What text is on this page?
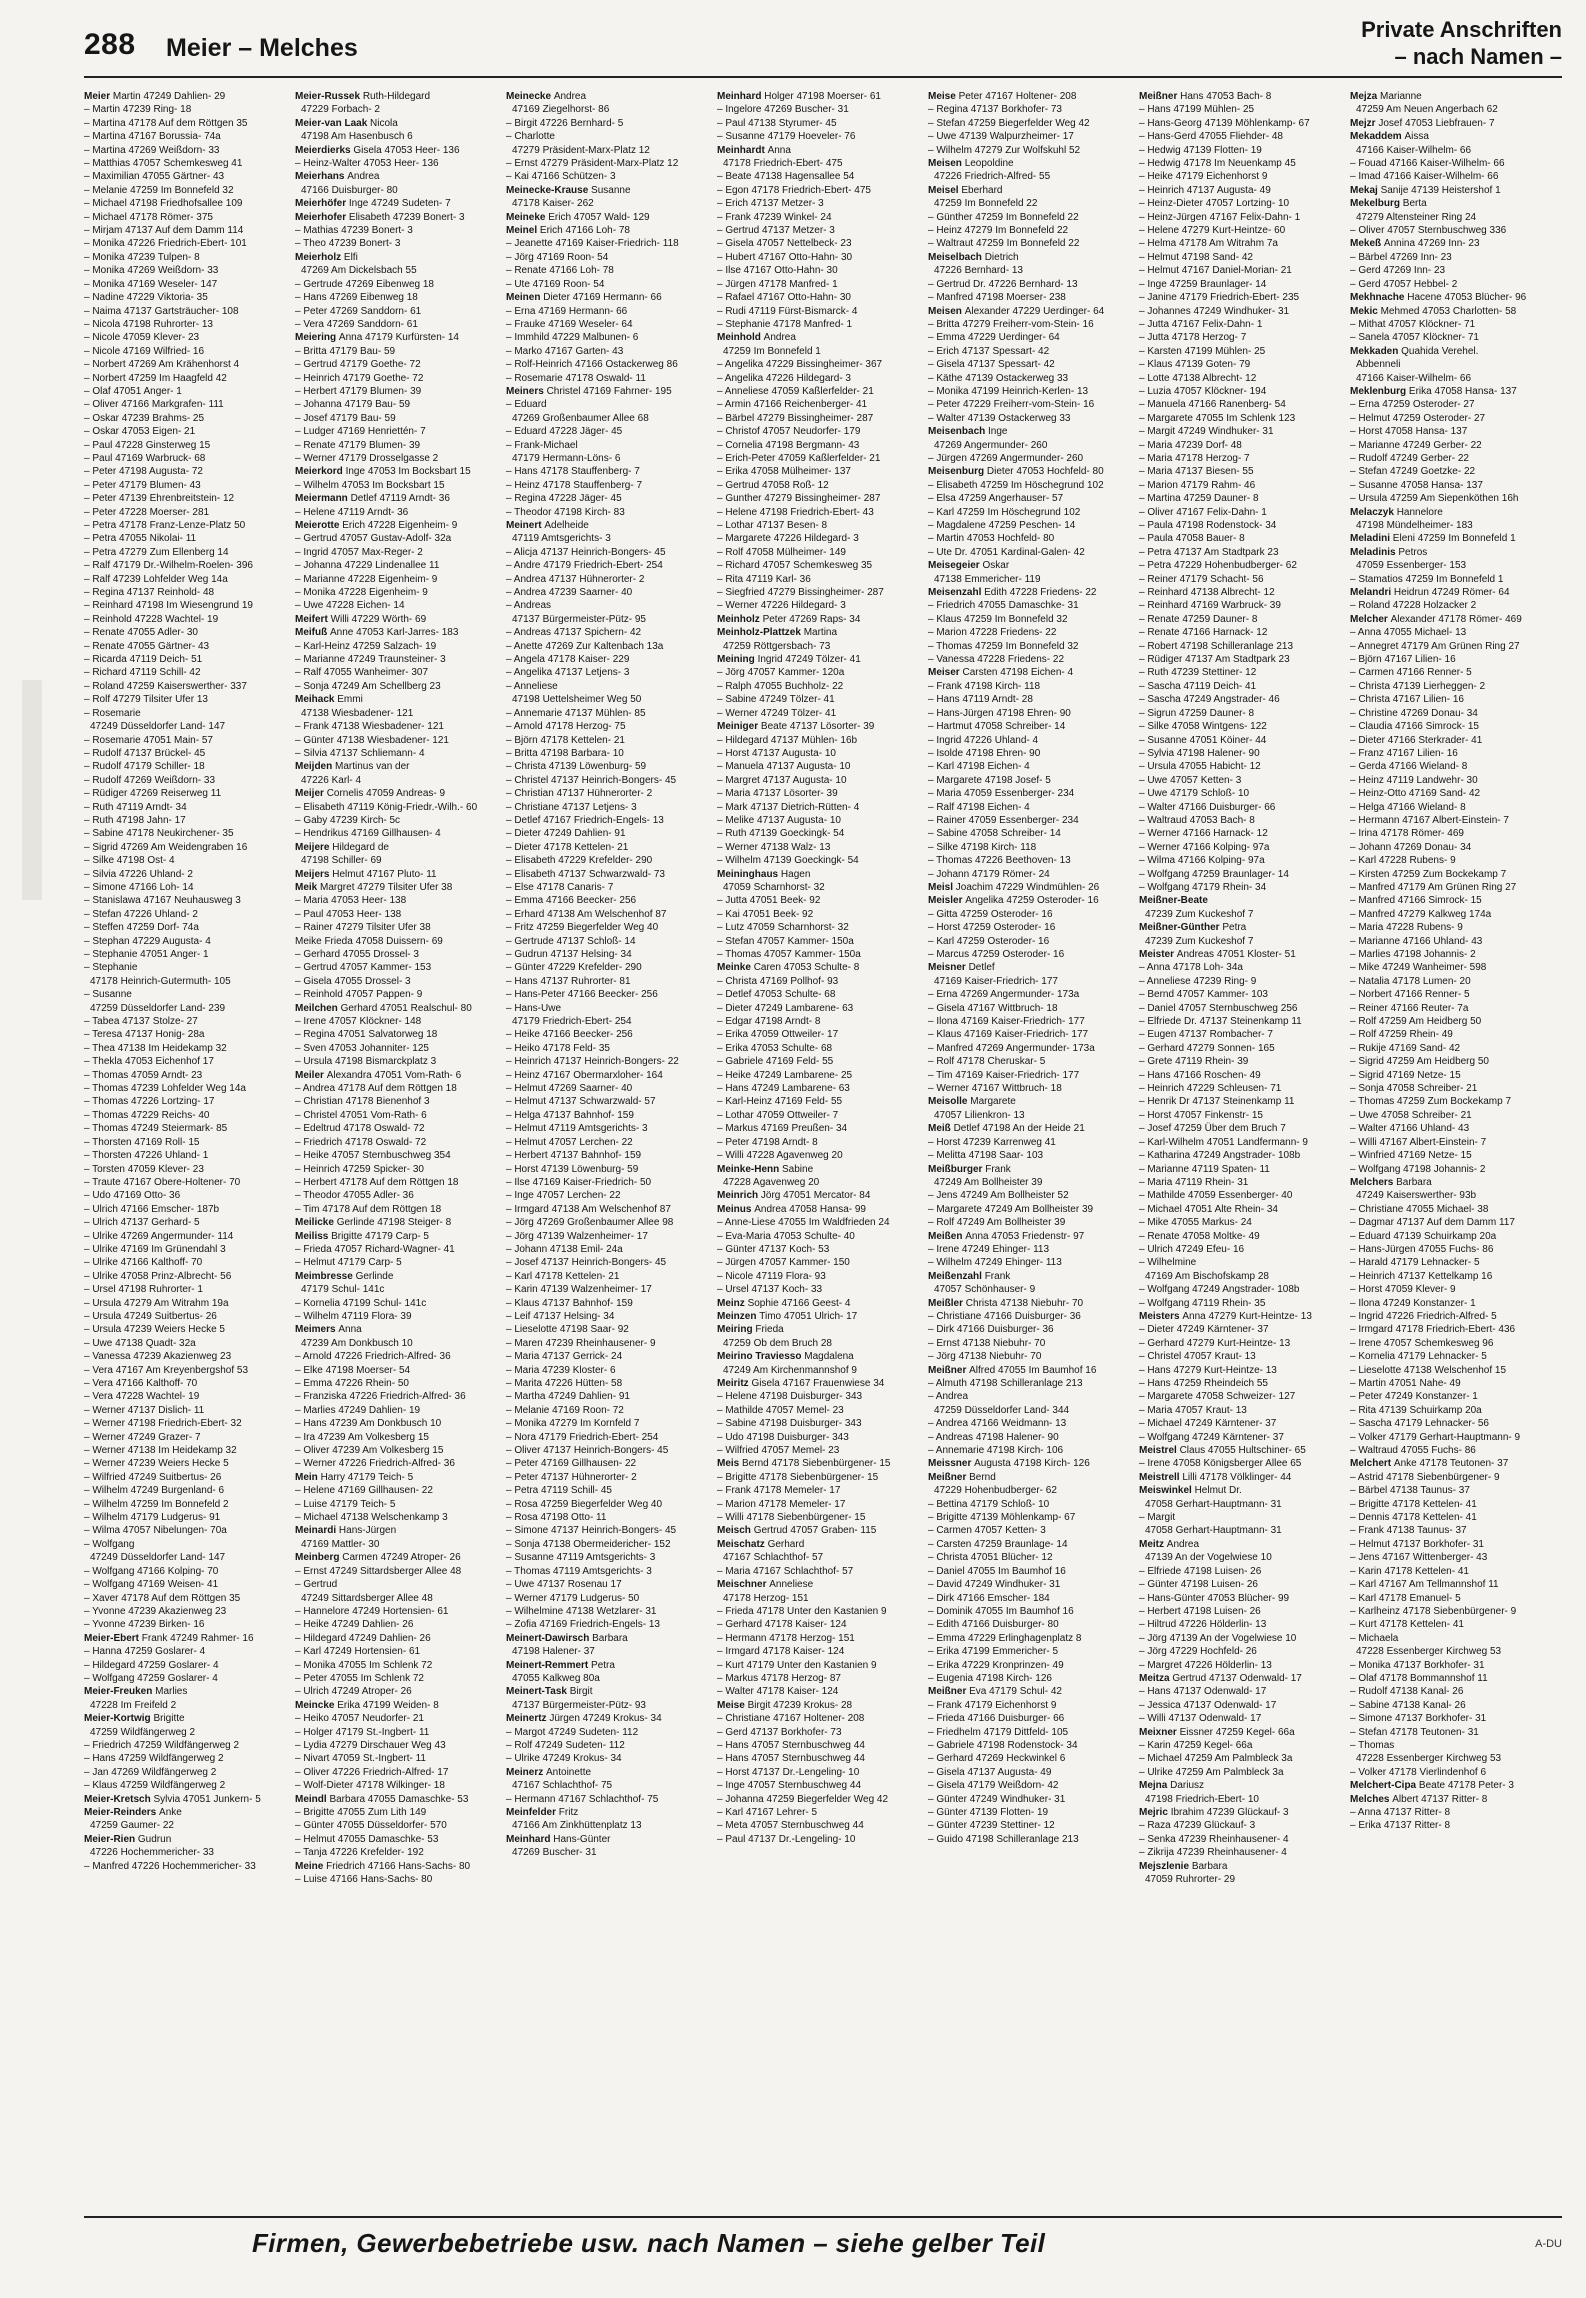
288 Meier – Melches
Private Anschriften
– nach Namen –
Meier Martin 47249 Dahlien- 29
– Martin 47239 Ring- 18
– Martina 47178 Auf dem Röttgen 35
– Martina 47167 Borussia- 74a
– Martina 47269 Weißdorn- 33
– Matthias 47057 Schemkesweg 41
– Maximilian 47055 Gärtner- 43
– Melanie 47259 Im Bonnefeld 32
– Michael 47198 Friedhofsallee 109
– Michael 47178 Römer- 375
– Mirjam 47137 Auf dem Damm 114
– Monika 47226 Friedrich-Ebert- 101
– Monika 47239 Tulpen- 8
– Monika 47269 Weißdorn- 33
– Monika 47169 Weseler- 147
– Nadine 47229 Viktoria- 35
– Naima 47137 Gartsträucher- 108
– Nicola 47198 Ruhrorter- 13
– Nicole 47059 Klever- 23
– Nicole 47169 Wilfried- 16
– Norbert 47269 Am Krähenhorst 4
– Norbert 47259 Im Haagfeld 42
– Olaf 47051 Anger- 1
– Oliver 47166 Markgrafen- 111
– Oskar 47239 Brahms- 25
– Oskar 47053 Eigen- 21
– Paul 47228 Ginsterweg 15
– Paul 47169 Warbruck- 68
– Peter 47198 Augusta- 72
– Peter 47179 Blumen- 43
– Peter 47139 Ehrenbreitstein- 12
– Peter 47228 Moerser- 281
– Petra 47178 Franz-Lenze-Platz 50
– Petra 47055 Nikolai- 11
– Petra 47279 Zum Ellenberg 14
– Ralf 47179 Dr.-Wilhelm-Roelen- 396
– Ralf 47239 Lohfelder Weg 14a
– Regina 47137 Reinhold- 48
– Reinhard 47198 Im Wiesengrund 19
– Reinhold 47228 Wachtel- 19
– Renate 47055 Adler- 30
– Renate 47055 Gärtner- 43
– Ricarda 47119 Deich- 51
– Richard 47119 Schill- 42
– Roland 47259 Kaiserswerther- 337
– Rolf 47279 Tilsiter Ufer 13
– Rosemarie
47249 Düsseldorfer Land- 147
– Rosemarie 47051 Main- 57
– Rudolf 47137 Brückel- 45
– Rudolf 47179 Schiller- 18
– Rudolf 47269 Weißdorn- 33
– Rüdiger 47269 Reiserweg 11
– Ruth 47119 Arndt- 34
– Ruth 47198 Jahn- 17
– Sabine 47178 Neukirchener- 35
– Sigrid 47269 Am Weidengraben 16
– Silke 47198 Ost- 4
– Silvia 47226 Uhland- 2
– Simone 47166 Loh- 14
– Stanislawa 47167 Neuhausweg 3
– Stefan 47226 Uhland- 2
– Steffen 47259 Dorf- 74a
– Stephan 47229 Augusta- 4
– Stephanie 47051 Anger- 1
– Stephanie
47178 Heinrich-Gutermuth- 105
– Susanne
47259 Düsseldorfer Land- 239
– Tabea 47137 Stolze- 27
– Teresa 47137 Honig- 28a
– Thea 47138 Im Heidekamp 32
– Thekla 47053 Eichenhof 17
– Thomas 47059 Arndt- 23
– Thomas 47239 Lohfelder Weg 14a
– Thomas 47226 Lortzing- 17
– Thomas 47229 Reichs- 40
– Thomas 47249 Steiermark- 85
– Thorsten 47169 Roll- 15
– Thorsten 47226 Uhland- 1
– Torsten 47059 Klever- 23
– Traute 47167 Obere-Holtener- 70
– Udo 47169 Otto- 36
– Ulrich 47166 Emscher- 187b
– Ulrich 47137 Gerhard- 5
– Ulrike 47269 Angermunder- 114
– Ulrike 47169 Im Grünendahl 3
– Ulrike 47166 Kalthoff- 70
– Ulrike 47058 Prinz-Albrecht- 56
– Ursel 47198 Ruhrorter- 1
– Ursula 47279 Am Witrahm 19a
– Ursula 47249 Suitbertus- 26
– Ursula 47239 Weiers Hecke 5
– Uwe 47138 Quadt- 32a
– Vanessa 47239 Akazienweg 23
– Vera 47167 Am Kreyenbergshof 53
– Vera 47166 Kalthoff- 70
– Vera 47228 Wachtel- 19
– Werner 47137 Dislich- 11
– Werner 47198 Friedrich-Ebert- 32
– Werner 47249 Grazer- 7
– Werner 47138 Im Heidekamp 32
– Werner 47239 Weiers Hecke 5
– Wilfried 47249 Suitbertus- 26
– Wilhelm 47249 Burgenland- 6
– Wilhelm 47259 Im Bonnefeld 2
– Wilhelm 47179 Ludgerus- 91
– Wilma 47057 Nibelungen- 70a
– Wolfgang
47249 Düsseldorfer Land- 147
– Wolfgang 47166 Kolping- 70
– Wolfgang 47169 Weisen- 41
– Xaver 47178 Auf dem Röttgen 35
– Yvonne 47239 Akazienweg 23
– Yvonne 47239 Birken- 16
Meier-Ebert Frank 47249 Rahmer- 16
– Hanna 47259 Goslarer- 4
– Hildegard 47259 Goslarer- 4
– Wolfgang 47259 Goslarer- 4
Meier-Freuken Marlies
47228 Im Freifeld 2
Meier-Kortwig Brigitte
47259 Wildfängerweg 2
– Friedrich 47259 Wildfängerweg 2
– Hans 47259 Wildfängerweg 2
– Jan 47269 Wildfängerweg 2
– Klaus 47259 Wildfängerweg 2
Meier-Kretsch Sylvia 47051 Junkern- 5
Meier-Reinders Anke
47259 Gaumer- 22
Meier-Rien Gudrun
47226 Hochemmericher- 33
– Manfred 47226 Hochemmericher- 33
Meier-Russek Ruth-Hildegard
47229 Forbach- 2
Meier-van Laak Nicola
47198 Am Hasenbusch 6
Meierdierks Gisela 47053 Heer- 136
– Heinz-Walter 47053 Heer- 136
Meierhans Andrea
47166 Duisburger- 80
Meierhöfer Inge 47249 Sudeten- 7
Meierhofer Elisabeth 47239 Bonert- 3
– Mathias 47239 Bonert- 3
– Theo 47239 Bonert- 3
Meierholz Elfi
47269 Am Dickelsbach 55
– Gertrude 47269 Eibenweg 18
– Hans 47269 Eibenweg 18
– Peter 47269 Sanddorn- 61
– Vera 47269 Sanddorn- 61
Meiering Anna 47179 Kurfürsten- 14
– Britta 47179 Bau- 59
– Gertrud 47179 Goethe- 72
– Heinrich 47179 Goethe- 72
– Herbert 47179 Blumen- 39
– Johanna 47179 Bau- 59
– Josef 47179 Bau- 59
– Ludger 47169 Henriettén- 7
– Renate 47179 Blumen- 39
– Werner 47179 Drosselgasse 2
Meierkord Inge 47053 Im Bocksbart 15
– Wilhelm 47053 Im Bocksbart 15
Meiermann Detlef 47119 Arndt- 36
– Helene 47119 Arndt- 36
Meierotte Erich 47228 Eigenheim- 9
– Gertrud 47057 Gustav-Adolf- 32a
– Ingrid 47057 Max-Reger- 2
– Johanna 47229 Lindenallee 11
– Marianne 47228 Eigenheim- 9
– Monika 47228 Eigenheim- 9
– Uwe 47228 Eichen- 14
Meifert Willi 47229 Wörth- 69
Meifuß Anne 47053 Karl-Jarres- 183
– Karl-Heinz 47259 Salzach- 19
– Marianne 47249 Traunsteiner- 3
– Ralf 47055 Wanheimer- 307
– Sonja 47249 Am Schellberg 23
Meihack Emmi
47138 Wiesbadener- 121
– Frank 47138 Wiesbadener- 121
– Günter 47138 Wiesbadener- 121
– Silvia 47137 Schliemann- 4
Meijden Martinus van der
47226 Karl- 4
Meijer Cornelis 47059 Andreas- 9
– Elisabeth 47119 König-Friedr.-Wilh.- 60
– Gaby 47239 Kirch- 5c
– Hendrikus 47169 Gillhausen- 4
Meijere Hildegard de
47198 Schiller- 69
Meijers Helmut 47167 Pluto- 11
Meik Margret 47279 Tilsiter Ufer 38
– Maria 47053 Heer- 138
– Paul 47053 Heer- 138
– Rainer 47279 Tilsiter Ufer 38
Meike Frieda 47058 Duissern- 69
– Gerhard 47055 Drossel- 3
– Gertrud 47057 Kammer- 153
– Gisela 47055 Drossel- 3
– Reinhold 47057 Pappen- 9
Meilchen Gerhard 47051 Realschul- 80
– Irene 47057 Klöckner- 148
– Regina 47051 Salvatorweg 18
– Sven 47053 Johanniter- 125
– Ursula 47198 Bismarckplatz 3
Meiler Alexandra 47051 Vom-Rath- 6
– Andrea 47178 Auf dem Röttgen 18
– Christian 47178 Bienenhof 3
– Christel 47051 Vom-Rath- 6
– Edeltrud 47178 Oswald- 72
– Friedrich 47178 Oswald- 72
– Heike 47057 Sternbuschweg 354
– Heinrich 47259 Spicker- 30
– Herbert 47178 Auf dem Röttgen 18
– Theodor 47055 Adler- 36
– Tim 47178 Auf dem Röttgen 18
Meilicke Gerlinde 47198 Steiger- 8
Meiliss Brigitte 47179 Carp- 5
– Frieda 47057 Richard-Wagner- 41
– Helmut 47179 Carp- 5
Meimbresse Gerlinde
47179 Schul- 141c
– Kornelia 47199 Schul- 141c
– Wilhelm 47119 Flora- 39
Meimers Anna
47239 Am Donkbusch 10
– Arnold 47226 Friedrich-Alfred- 36
– Elke 47198 Moerser- 54
– Emma 47226 Rhein- 50
– Franziska 47226 Friedrich-Alfred- 36
– Marlies 47249 Dahlien- 19
– Hans 47239 Am Donkbusch 10
– Ira 47239 Am Volkesberg 15
– Oliver 47239 Am Volkesberg 15
– Werner 47226 Friedrich-Alfred- 36
Mein Harry 47179 Teich- 5
– Helene 47169 Gillhausen- 22
– Luise 47179 Teich- 5
– Michael 47138 Welschenkamp 3
Meinardi Hans-Jürgen
47169 Mattler- 30
Meinberg Carmen 47249 Atroper- 26
– Ernst 47249 Sittardsberger Allee 48
– Gertrud
47249 Sittardsberger Allee 48
– Hannelore 47249 Hortensien- 61
– Heike 47249 Dahlien- 26
– Hildegard 47249 Dahlien- 26
– Karl 47249 Hortensien- 61
– Monika 47055 Im Schlenk 72
– Peter 47055 Im Schlenk 72
– Ulrich 47249 Atroper- 26
Meincke Erika 47199 Weiden- 8
– Heiko 47057 Neudorfer- 21
– Holger 47179 St.-Ingbert- 11
– Lydia 47279 Dirschauer Weg 43
– Nivart 47059 St.-Ingbert- 11
– Oliver 47226 Friedrich-Alfred- 17
– Wolf-Dieter 47178 Wilkinger- 18
Meindl Barbara 47055 Damaschke- 53
– Brigitte 47055 Zum Lith 149
– Günter 47055 Düsseldorfer- 570
– Helmut 47055 Damaschke- 53
– Tanja 47226 Krefelder- 192
Meine Friedrich 47166 Hans-Sachs- 80
– Luise 47166 Hans-Sachs- 80
Meinecke Andrea
47169 Ziegelhorst- 86
– Birgit 47226 Bernhard- 5
– Charlotte
47279 Präsident-Marx-Platz 12
– Ernst 47279 Präsident-Marx-Platz 12
– Kai 47166 Schützen- 3
Meinecke-Krause Susanne
47178 Kaiser- 262
Meineke Erich 47057 Wald- 129
Meinel Erich 47166 Loh- 78
– Jeanette 47169 Kaiser-Friedrich- 118
– Jörg 47169 Roon- 54
– Renate 47166 Loh- 78
– Ute 47169 Roon- 54
Meinen Dieter 47169 Hermann- 66
– Erna 47169 Hermann- 66
– Frauke 47169 Weseler- 64
– Immhild 47229 Malbunen- 6
– Marko 47167 Garten- 43
– Rolf-Heinrich 47166 Ostackerweg 86
– Rosemarie 47178 Oswald- 11
Meiners Christel 47169 Fahrner- 195
– Eduard
47269 Großenbaumer Allee 68
– Eduard 47228 Jäger- 45
– Frank-Michael
47179 Hermann-Löns- 6
– Hans 47178 Stauffenberg- 7
– Heinz 47178 Stauffenberg- 7
– Regina 47228 Jäger- 45
– Theodor 47198 Kirch- 83
Meinert Adelheide
47119 Amtsgerichts- 3
– Alicja 47137 Heinrich-Bongers- 45
– Andre 47179 Friedrich-Ebert- 254
– Andrea 47137 Hühnerorter- 2
– Andrea 47239 Saarner- 40
– Andreas
47137 Bürgermeister-Pütz- 95
– Andreas 47137 Spichern- 42
– Anette 47269 Zur Kaltenbach 13a
– Angela 47178 Kaiser- 229
– Angelika 47137 Letjens- 3
– Anneliese
47198 Uettelsheimer Weg 50
– Annemarie 47137 Mühlen- 85
– Arnold 47178 Herzog- 75
– Björn 47178 Kettelen- 21
– Britta 47198 Barbara- 10
– Christa 47139 Löwenburg- 59
– Christel 47137 Heinrich-Bongers- 45
– Christian 47137 Hühnerorter- 2
– Christiane 47137 Letjens- 3
– Detlef 47167 Friedrich-Engels- 13
– Dieter 47249 Dahlien- 91
– Dieter 47178 Kettelen- 21
– Elisabeth 47229 Krefelder- 290
– Elisabeth 47137 Schwarzwald- 73
– Else 47178 Canaris- 7
– Emma 47166 Beecker- 256
– Erhard 47138 Am Welschenhof 87
– Fritz 47259 Biegerfelder Weg 40
– Gertrude 47137 Schloß- 14
– Gudrun 47137 Helsing- 34
– Günter 47229 Krefelder- 290
– Hans 47137 Ruhrorter- 81
– Hans-Peter 47166 Beecker- 256
– Hans-Uwe
47179 Friedrich-Ebert- 254
– Heike 47166 Beecker- 256
– Heiko 47178 Feld- 35
– Heinrich 47137 Heinrich-Bongers- 22
– Heinz 47167 Obermarxloher- 164
– Helmut 47269 Saarner- 40
– Helmut 47137 Schwarzwald- 57
– Helga 47137 Bahnhof- 159
– Helmut 47119 Amtsgerichts- 3
– Helmut 47057 Lerchen- 22
– Herbert 47137 Bahnhof- 159
– Horst 47139 Löwenburg- 59
– Ilse 47169 Kaiser-Friedrich- 50
– Inge 47057 Lerchen- 22
– Irmgard 47138 Am Welschenhof 87
– Jörg 47269 Großenbaumer Allee 98
– Jörg 47139 Walzenheimer- 17
– Johann 47138 Emil- 24a
– Josef 47137 Heinrich-Bongers- 45
– Karl 47178 Kettelen- 21
– Karin 47139 Walzenheimer- 17
– Klaus 47137 Bahnhof- 159
– Leif 47137 Helsing- 34
– Lieselotte 47198 Saar- 92
– Maren 47239 Rheinhausener- 9
– Maria 47137 Gerrick- 24
– Maria 47239 Kloster- 6
– Marita 47226 Hütten- 58
– Martha 47249 Dahlien- 91
– Melanie 47169 Roon- 72
– Monika 47279 Im Kornfeld 7
– Nora 47179 Friedrich-Ebert- 254
– Oliver 47137 Heinrich-Bongers- 45
– Peter 47169 Gillhausen- 22
– Peter 47137 Hühnerorter- 2
– Petra 47119 Schill- 45
– Rosa 47259 Biegerfelder Weg 40
– Rosa 47198 Otto- 11
– Simone 47137 Heinrich-Bongers- 45
– Sonja 47138 Obermeidericher- 152
– Susanne 47119 Amtsgerichts- 3
– Thomas 47119 Amtsgerichts- 3
– Uwe 47137 Rosenau 17
– Werner 47179 Ludgerus- 50
– Wilhelmine 47138 Wetzlarer- 31
– Zofia 47169 Friedrich-Engels- 13
Meinert-Dawirsch Barbara
47198 Halener- 37
Meinert-Remmert Petra
47055 Kalkweg 80a
Meinert-Task Birgit
47137 Bürgermeister-Pütz- 93
Meinertz Jürgen 47249 Krokus- 34
– Margot 47249 Sudeten- 112
– Rolf 47249 Sudeten- 112
– Ulrike 47249 Krokus- 34
Meinerz Antoinette
47167 Schlachthof- 75
– Hermann 47167 Schlachthof- 75
Meinfelder Fritz
47166 Am Zinkhüttenplatz 13
Meinhard Hans-Günter
47269 Buscher- 31
Meinhard Holger 47198 Moerser- 61
– Ingelore 47269 Buscher- 31
– Paul 47138 Styrumer- 45
– Susanne 47179 Hoeveler- 76
Meinhardt Anna
47178 Friedrich-Ebert- 475
– Beate 47138 Hagensallee 54
– Egon 47178 Friedrich-Ebert- 475
– Erich 47137 Metzer- 3
– Frank 47239 Winkel- 24
– Gertrud 47137 Metzer- 3
– Gisela 47057 Nettelbeck- 23
– Hubert 47167 Otto-Hahn- 30
– Ilse 47167 Otto-Hahn- 30
– Jürgen 47178 Manfred- 1
– Rafael 47167 Otto-Hahn- 30
– Rudi 47119 Fürst-Bismarck- 4
– Stephanie 47178 Manfred- 1
Meinhold Andrea
47259 Im Bonnefeld 1
– Angelika 47229 Bissingheimer- 367
– Angelika 47226 Hildegard- 3
– Anneliese 47059 Kaßlerfelder- 21
– Armin 47166 Reichenberger- 41
– Bärbel 47279 Bissingheimer- 287
– Christof 47057 Neudorfer- 179
– Cornelia 47198 Bergmann- 43
– Erich-Peter 47059 Kaßlerfelder- 21
– Erika 47058 Mülheimer- 137
– Gertrud 47058 Roß- 12
– Gunther 47279 Bissingheimer- 287
– Helene 47198 Friedrich-Ebert- 43
– Lothar 47137 Besen- 8
– Margarete 47226 Hildegard- 3
– Rolf 47058 Mülheimer- 149
– Richard 47057 Schemkesweg 35
– Rita 47119 Karl- 36
– Siegfried 47279 Bissingheimer- 287
– Werner 47226 Hildegard- 3
Meinholz Peter 47269 Raps- 34
Meinholz-Plattzek Martina
47259 Röttgersbach- 73
Meining Ingrid 47249 Tölzer- 41
– Jörg 47057 Kammer- 120a
– Ralph 47055 Buchholz- 22
– Sabine 47249 Tölzer- 41
– Werner 47249 Tölzer- 41
Meiniger Beate 47137 Lösorter- 39
– Hildegard 47137 Mühlen- 16b
– Horst 47137 Augusta- 10
– Manuela 47137 Augusta- 10
– Margret 47137 Augusta- 10
– Maria 47137 Lösorter- 39
– Mark 47137 Dietrich-Rütten- 4
– Melike 47137 Augusta- 10
– Ruth 47139 Goeckingk- 54
– Werner 47138 Walz- 13
– Wilhelm 47139 Goeckingk- 54
Meininghaus Hagen
47059 Scharnhorst- 32
– Jutta 47051 Beek- 92
– Kai 47051 Beek- 92
– Lutz 47059 Scharnhorst- 32
– Stefan 47057 Kammer- 150a
– Thomas 47057 Kammer- 150a
Meinke Caren 47053 Schulte- 8
– Christa 47169 Pollhof- 93
– Detlef 47053 Schulte- 68
– Dieter 47249 Lambarene- 63
– Edgar 47198 Arndt- 8
– Erika 47059 Ottweiler- 17
– Erika 47053 Schulte- 68
– Gabriele 47169 Feld- 55
– Heike 47249 Lambarene- 25
– Hans 47249 Lambarene- 63
– Karl-Heinz 47169 Feld- 55
– Lothar 47059 Ottweiler- 7
– Markus 47169 Preußen- 34
– Peter 47198 Arndt- 8
– Willi 47228 Agavenweg 20
Meinke-Henn Sabine
47228 Agavenweg 20
Meinrich Jörg 47051 Mercator- 84
Meinus Andrea 47058 Hansa- 99
– Anne-Liese 47055 Im Waldfrieden 24
– Eva-Maria 47053 Schulte- 40
– Günter 47137 Koch- 53
– Jürgen 47057 Kammer- 150
– Nicole 47119 Flora- 93
– Ursel 47137 Koch- 33
Meinz Sophie 47166 Geest- 4
Meinzen Timo 47051 Ulrich- 17
Meiring Frieda
47259 Ob dem Bruch 28
Meirino Traviesso Magdalena
47249 Am Kirchenmannshof 9
Meiritz Gisela 47167 Frauenwiese 34
– Helene 47198 Duisburger- 343
– Mathilde 47057 Memel- 23
– Sabine 47198 Duisburger- 343
– Udo 47198 Duisburger- 343
– Wilfried 47057 Memel- 23
Meis Bernd 47178 Siebenbürgener- 15
– Brigitte 47178 Siebenbürgener- 15
– Frank 47178 Memeler- 17
– Marion 47178 Memeler- 17
– Willi 47178 Siebenbürgener- 15
Meisch Gertrud 47057 Graben- 115
Meischatz Gerhard
47167 Schlachthof- 57
– Maria 47167 Schlachthof- 57
Meischner Anneliese
47178 Herzog- 151
– Frieda 47178 Unter den Kastanien 9
– Gerhard 47178 Kaiser- 124
– Hermann 47178 Herzog- 151
– Irmgard 47178 Kaiser- 124
– Kurt 47179 Unter den Kastanien 9
– Markus 47178 Herzog- 87
– Walter 47178 Kaiser- 124
Meise Birgit 47239 Krokus- 28
– Christiane 47167 Holtener- 208
– Gerd 47137 Borkhofer- 73
– Hans 47057 Sternbuschweg 44
– Hans 47057 Sternbuschweg 44
– Horst 47137 Dr.-Lengeling- 10
– Inge 47057 Sternbuschweg 44
– Johanna 47259 Biegerfelder Weg 42
– Karl 47167 Lehrer- 5
– Meta 47057 Sternbuschweg 44
– Paul 47137 Dr.-Lengeling- 10
Meise Peter 47167 Holtener- 208
– Regina 47137 Borkhofer- 73
– Stefan 47259 Biegerfelder Weg 42
– Uwe 47139 Walpurzheimer- 17
– Wilhelm 47279 Zur Wolfskuhl 52
Meisen Leopoldine
47226 Friedrich-Alfred- 55
Meisel Eberhard
47259 Im Bonnefeld 22
– Günther 47259 Im Bonnefeld 22
– Heinz 47279 Im Bonnefeld 22
– Waltraut 47259 Im Bonnefeld 22
Meiselbach Dietrich
47226 Bernhard- 13
– Gertrud Dr. 47226 Bernhard- 13
– Manfred 47198 Moerser- 238
Meisen Alexander 47229 Uerdinger- 64
– Britta 47279 Freiherr-vom-Stein- 16
– Emma 47229 Uerdinger- 64
– Erich 47137 Spessart- 42
– Gisela 47137 Spessart- 42
– Käthe 47139 Ostackerweg 33
– Monika 47199 Heinrich-Kerlen- 13
– Peter 47229 Freiherr-vom-Stein- 16
– Walter 47139 Ostackerweg 33
Meisenbach Inge
47269 Angermunder- 260
– Jürgen 47269 Angermunder- 260
Meisenburg Dieter 47053 Hochfeld- 80
– Elisabeth 47259 Im Höschegrund 102
– Elsa 47259 Angerhauser- 57
– Karl 47259 Im Höschegrund 102
– Magdalene 47259 Peschen- 14
– Martin 47053 Hochfeld- 80
– Ute Dr. 47051 Kardinal-Galen- 42
Meisegeier Oskar
47138 Emmericher- 119
Meisenzahl Edith 47228 Friedens- 22
– Friedrich 47055 Damaschke- 31
– Klaus 47259 Im Bonnefeld 32
– Marion 47228 Friedens- 22
– Thomas 47259 Im Bonnefeld 32
– Vanessa 47228 Friedens- 22
Meiser Carsten 47198 Eichen- 4
– Frank 47198 Kirch- 118
– Hans 47119 Arndt- 28
– Hans-Jürgen 47198 Ehren- 90
– Hartmut 47058 Schreiber- 14
– Ingrid 47226 Uhland- 4
– Isolde 47198 Ehren- 90
– Karl 47198 Eichen- 4
– Margarete 47198 Josef- 5
– Maria 47059 Essenberger- 234
– Ralf 47198 Eichen- 4
– Rainer 47059 Essenberger- 234
– Sabine 47058 Schreiber- 14
– Silke 47198 Kirch- 118
– Thomas 47226 Beethoven- 13
– Johann 47179 Römer- 24
Meisl Joachim 47229 Windmühlen- 26
Meisler Angelika 47259 Osteroder- 16
– Gitta 47259 Osteroder- 16
– Horst 47259 Osteroder- 16
– Karl 47259 Osteroder- 16
– Marcus 47259 Osteroder- 16
Meisner Detlef
47169 Kaiser-Friedrich- 177
– Erna 47269 Angermunder- 173a
– Gisela 47167 Wittbruch- 18
– Ilona 47169 Kaiser-Friedrich- 177
– Klaus 47169 Kaiser-Friedrich- 177
– Manfred 47269 Angermunder- 173a
– Rolf 47178 Cheruskar- 5
– Tim 47169 Kaiser-Friedrich- 177
– Werner 47167 Wittbruch- 18
Meisolle Margarete
47057 Lilienkron- 13
Meiß Detlef 47198 An der Heide 21
– Horst 47239 Karrenweg 41
– Melitta 47198 Saar- 103
Meißburger Frank
47249 Am Bollheister 39
– Jens 47249 Am Bollheister 52
– Margarete 47249 Am Bollheister 39
– Rolf 47249 Am Bollheister 39
Meißen Anna 47053 Friedenstr- 97
– Irene 47249 Ehinger- 113
– Wilhelm 47249 Ehinger- 113
Meißenzahl Frank
47057 Schönhauser- 9
Meißler Christa 47138 Niebuhr- 70
– Christiane 47166 Duisburger- 36
– Dirk 47166 Duisburger- 36
– Ernst 47138 Niebuhr- 70
– Jörg 47138 Niebuhr- 70
Meißner Alfred 47055 Im Baumhof 16
– Almuth 47198 Schilleranlage 213
– Andrea
47259 Düsseldorfer Land- 344
– Andrea 47166 Weidmann- 13
– Andreas 47198 Halener- 90
– Annemarie 47198 Kirch- 106
Meissner Augusta 47198 Kirch- 126
Meißner Bernd
47229 Hohenbudberger- 62
– Bettina 47179 Schloß- 10
– Brigitte 47139 Möhlenkamp- 67
– Carmen 47057 Ketten- 3
– Carsten 47259 Braunlage- 14
– Christa 47051 Blücher- 12
– Daniel 47055 Im Baumhof 16
– David 47249 Windhuker- 31
– Dirk 47166 Emscher- 184
– Dominik 47055 Im Baumhof 16
– Edith 47166 Duisburger- 80
– Emma 47229 Erlinghagenplatz 8
– Erika 47199 Emmericher- 5
– Erika 47229 Kronprinzen- 49
– Eugenia 47198 Kirch- 126
Meißner Eva 47179 Schul- 42
– Frank 47179 Eichenhorst 9
– Frieda 47166 Duisburger- 66
– Friedhelm 47179 Dittfeld- 105
– Gabriele 47198 Rodenstock- 34
– Gerhard 47269 Heckwinkel 6
– Gisela 47137 Augusta- 49
– Gisela 47179 Weißdorn- 42
– Günter 47249 Windhuker- 31
– Günter 47139 Flotten- 19
– Günter 47239 Stettiner- 12
– Guido 47198 Schilleranlage 213
Meißner Hans 47053 Bach- 8
– Hans 47199 Mühlen- 25
– Hans-Georg 47139 Möhlenkamp- 67
– Hans-Gerd 47055 Fliehder- 48
– Hedwig 47139 Flotten- 19
– Hedwig 47178 Im Neuenkamp 45
– Heike 47179 Eichenhorst 9
– Heinrich 47137 Augusta- 49
– Heinz-Dieter 47057 Lortzing- 10
– Heinz-Jürgen 47167 Felix-Dahn- 1
– Helene 47279 Kurt-Heintze- 60
– Helma 47178 Am Witrahm 7a
– Helmut 47198 Sand- 42
– Helmut 47167 Daniel-Morian- 21
– Inge 47259 Braunlager- 14
– Janine 47179 Friedrich-Ebert- 235
– Johannes 47249 Windhuker- 31
– Jutta 47167 Felix-Dahn- 1
– Jutta 47178 Herzog- 7
– Karsten 47199 Mühlen- 25
– Klaus 47139 Goten- 79
– Lotte 47138 Albrecht- 12
– Luzia 47057 Klöckner- 194
– Manuela 47166 Ranenberg- 54
– Margarete 47055 Im Schlenk 123
– Margit 47249 Windhuker- 31
– Maria 47239 Dorf- 48
– Maria 47178 Herzog- 7
– Maria 47137 Biesen- 55
– Marion 47179 Rahm- 46
– Martina 47259 Dauner- 8
– Oliver 47167 Felix-Dahn- 1
– Paula 47198 Rodenstock- 34
– Paula 47058 Bauer- 8
– Petra 47137 Am Stadtpark 23
– Petra 47229 Hohenbudberger- 62
– Reiner 47179 Schacht- 56
– Reinhard 47138 Albrecht- 12
– Reinhard 47169 Warbruck- 39
– Renate 47259 Dauner- 8
– Renate 47166 Harnack- 12
– Robert 47198 Schilleranlage 213
– Rüdiger 47137 Am Stadtpark 23
– Ruth 47239 Stettiner- 12
– Sascha 47119 Deich- 41
– Sascha 47249 Angstrader- 46
– Sigrun 47259 Dauner- 8
– Silke 47058 Wintgens- 122
– Susanne 47051 Köiner- 44
– Sylvia 47198 Halener- 90
– Ursula 47055 Habicht- 12
– Uwe 47057 Ketten- 3
– Uwe 47179 Schloß- 10
– Walter 47166 Duisburger- 66
– Waltraud 47053 Bach- 8
– Werner 47166 Harnack- 12
– Werner 47166 Kolping- 97a
– Wilma 47166 Kolping- 97a
– Wolfgang 47259 Braunlager- 14
– Wolfgang 47179 Rhein- 34
Meißner-Beate
47239 Zum Kuckeshof 7
Meißner-Günther Petra
47239 Zum Kuckeshof 7
Meister Andreas 47051 Kloster- 51
– Anna 47178 Loh- 34a
– Anneliese 47239 Ring- 9
– Bernd 47057 Kammer- 103
– Daniel 47057 Sternbuschweg 256
– Elfriede Dr. 47137 Steinenkamp 11
– Eugen 47137 Rombacher- 7
– Gerhard 47279 Sonnen- 165
– Grete 47119 Rhein- 39
– Hans 47166 Roschen- 49
– Heinrich 47229 Schleusen- 71
– Henrik Dr 47137 Steinenkamp 11
– Horst 47057 Finkenstr- 15
– Josef 47259 Über dem Bruch 7
– Karl-Wilhelm 47051 Landfermann- 9
– Katharina 47249 Angstrader- 108b
– Marianne 47119 Spaten- 11
– Maria 47119 Rhein- 31
– Mathilde 47059 Essenberger- 40
– Michael 47051 Alte Rhein- 34
– Mike 47055 Markus- 24
– Renate 47058 Moltke- 49
– Ulrich 47249 Efeu- 16
– Wilhelmine
47169 Am Bischofskamp 28
– Wolfgang 47249 Angstrader- 108b
– Wolfgang 47119 Rhein- 35
Meisters Anna 47279 Kurt-Heintze- 13
– Dieter 47249 Kärntener- 37
– Gerhard 47279 Kurt-Heintze- 13
– Christel 47057 Kraut- 13
– Hans 47279 Kurt-Heintze- 13
– Hans 47259 Rheindeich 55
– Margarete 47058 Schweizer- 127
– Maria 47057 Kraut- 13
– Michael 47249 Kärntener- 37
– Wolfgang 47249 Kärntener- 37
Meistrel Claus 47055 Hultschiner- 65
– Irene 47058 Königsberger Allee 65
Meistrell Lilli 47178 Völklinger- 44
Meiswinkel Helmut Dr.
47058 Gerhart-Hauptmann- 31
– Margit
47058 Gerhart-Hauptmann- 31
Meitz Andrea
47139 An der Vogelwiese 10
– Elfriede 47198 Luisen- 26
– Günter 47198 Luisen- 26
– Hans-Günter 47053 Blücher- 99
– Herbert 47198 Luisen- 26
– Hiltrud 47226 Hölderlin- 13
– Jörg 47139 An der Vogelwiese 10
– Jörg 47229 Hochfeld- 26
– Margret 47226 Hölderlin- 13
Meitza Gertrud 47137 Odenwald- 17
– Hans 47137 Odenwald- 17
– Jessica 47137 Odenwald- 17
– Willi 47137 Odenwald- 17
Meixner Eissner 47259 Kegel- 66a
– Karin 47259 Kegel- 66a
– Michael 47259 Am Palmbleck 3a
– Ulrike 47259 Am Palmbleck 3a
Mejna Dariusz
47198 Friedrich-Ebert- 10
Mejric Ibrahim 47239 Glückauf- 3
– Raza 47239 Glückauf- 3
– Senka 47239 Rheinhausener- 4
– Zikrija 47239 Rheinhausener- 4
Mejszlenie Barbara
47059 Ruhrorter- 29
Mejza Marianne
47259 Am Neuen Angerbach 62
Mejzr Josef 47053 Liebfrauen- 7
Mekaddem Aissa
47166 Kaiser-Wilhelm- 66
– Fouad 47166 Kaiser-Wilhelm- 66
– Imad 47166 Kaiser-Wilhelm- 66
Mekaj Sanije 47139 Heistershof 1
Mekelburg Berta
47279 Altensteiner Ring 24
– Oliver 47057 Sternbuschweg 336
Mekeß Annina 47269 Inn- 23
– Bärbel 47269 Inn- 23
– Gerd 47269 Inn- 23
– Gerd 47057 Hebbel- 2
Mekhnache Hacene 47053 Blücher- 96
Mekic Mehmed 47053 Charlotten- 58
– Mithat 47057 Klöckner- 71
– Sanela 47057 Klöckner- 71
Mekkaden Quahida Verehel.
Abbenneli
47166 Kaiser-Wilhelm- 66
Meklenburg Erika 47058 Hansa- 137
– Erna 47259 Osteroder- 27
– Helmut 47259 Osteroder- 27
– Horst 47058 Hansa- 137
– Marianne 47249 Gerber- 22
– Rudolf 47249 Gerber- 22
– Stefan 47249 Goetzke- 22
– Susanne 47058 Hansa- 137
– Ursula 47259 Am Siepenköthen 16h
Melaczyk Hannelore
47198 Mündelheimer- 183
Meladini Eleni 47259 Im Bonnefeld 1
Meladinis Petros
47059 Essenberger- 153
– Stamatios 47259 Im Bonnefeld 1
Melandri Heidrun 47249 Römer- 64
– Roland 47228 Holzacker 2
Melcher Alexander 47178 Römer- 469
– Anna 47055 Michael- 13
– Annegret 47179 Am Grünen Ring 27
– Björn 47167 Lilien- 16
– Carmen 47166 Renner- 5
– Christa 47139 Lierheggen- 2
– Christa 47167 Lilien- 16
– Christine 47269 Donau- 34
– Claudia 47166 Simrock- 15
– Dieter 47166 Sterkrader- 41
– Franz 47167 Lilien- 16
– Gerda 47166 Wieland- 8
– Heinz 47119 Landwehr- 30
– Heinz-Otto 47169 Sand- 42
– Helga 47166 Wieland- 8
– Hermann 47167 Albert-Einstein- 7
– Irina 47178 Römer- 469
– Johann 47269 Donau- 34
– Karl 47228 Rubens- 9
– Kirsten 47259 Zum Bockekamp 7
– Manfred 47179 Am Grünen Ring 27
– Manfred 47166 Simrock- 15
– Manfred 47279 Kalkweg 174a
– Maria 47228 Rubens- 9
– Marianne 47166 Uhland- 43
– Marlies 47198 Johannis- 2
– Mike 47249 Wanheimer- 598
– Natalia 47178 Lumen- 20
– Norbert 47166 Renner- 5
– Reiner 47166 Reuter- 7a
– Rolf 47259 Am Heidberg 50
– Rolf 47259 Rhein- 49
– Rukije 47169 Sand- 42
– Sigrid 47259 Am Heidberg 50
– Sigrid 47169 Netze- 15
– Sonja 47058 Schreiber- 21
– Thomas 47259 Zum Bockekamp 7
– Uwe 47058 Schreiber- 21
– Walter 47166 Uhland- 43
– Willi 47167 Albert-Einstein- 7
– Winfried 47169 Netze- 15
– Wolfgang 47198 Johannis- 2
Melchers Barbara
47249 Kaiserswerther- 93b
– Christiane 47055 Michael- 38
– Dagmar 47137 Auf dem Damm 117
– Eduard 47139 Schuirkamp 20a
– Hans-Jürgen 47055 Fuchs- 86
– Harald 47179 Lehnacker- 5
– Heinrich 47137 Kettelkamp 16
– Horst 47059 Klever- 9
– Ilona 47249 Konstanzer- 1
– Ingrid 47226 Friedrich-Alfred- 5
– Irmgard 47178 Friedrich-Ebert- 436
– Irene 47057 Schemkesweg 96
– Kornelia 47179 Lehnacker- 5
– Lieselotte 47138 Welschenhof 15
– Martin 47051 Nahe- 49
– Peter 47249 Konstanzer- 1
– Rita 47139 Schuirkamp 20a
– Sascha 47179 Lehnacker- 56
– Volker 47179 Gerhart-Hauptmann- 9
– Waltraud 47055 Fuchs- 86
Melchert Anke 47178 Teutonen- 37
– Astrid 47178 Siebenbürgener- 9
– Bärbel 47138 Taunus- 37
– Brigitte 47178 Kettelen- 41
– Dennis 47178 Kettelen- 41
– Frank 47138 Taunus- 37
– Helmut 47137 Borkhofer- 31
– Jens 47167 Wittenberger- 43
– Karin 47178 Kettelen- 41
– Karl 47167 Am Tellmannshof 11
– Karl 47178 Emanuel- 5
– Karlheinz 47178 Siebenbürgener- 9
– Kurt 47178 Kettelen- 41
– Michaela
47228 Essenberger Kirchweg 53
– Monika 47137 Borkhofer- 31
– Olaf 47178 Bommannshof 11
– Rudolf 47138 Kanal- 26
– Sabine 47138 Kanal- 26
– Simone 47137 Borkhofer- 31
– Stefan 47178 Teutonen- 31
– Thomas
47228 Essenberger Kirchweg 53
– Volker 47178 Vierlindenhof 6
Melchert-Cipa Beate 47178 Peter- 3
Melches Albert 47137 Ritter- 8
– Anna 47137 Ritter- 8
– Erika 47137 Ritter- 8
Firmen, Gewerbebetriebe usw. nach Namen – siehe gelber Teil	A-DU
